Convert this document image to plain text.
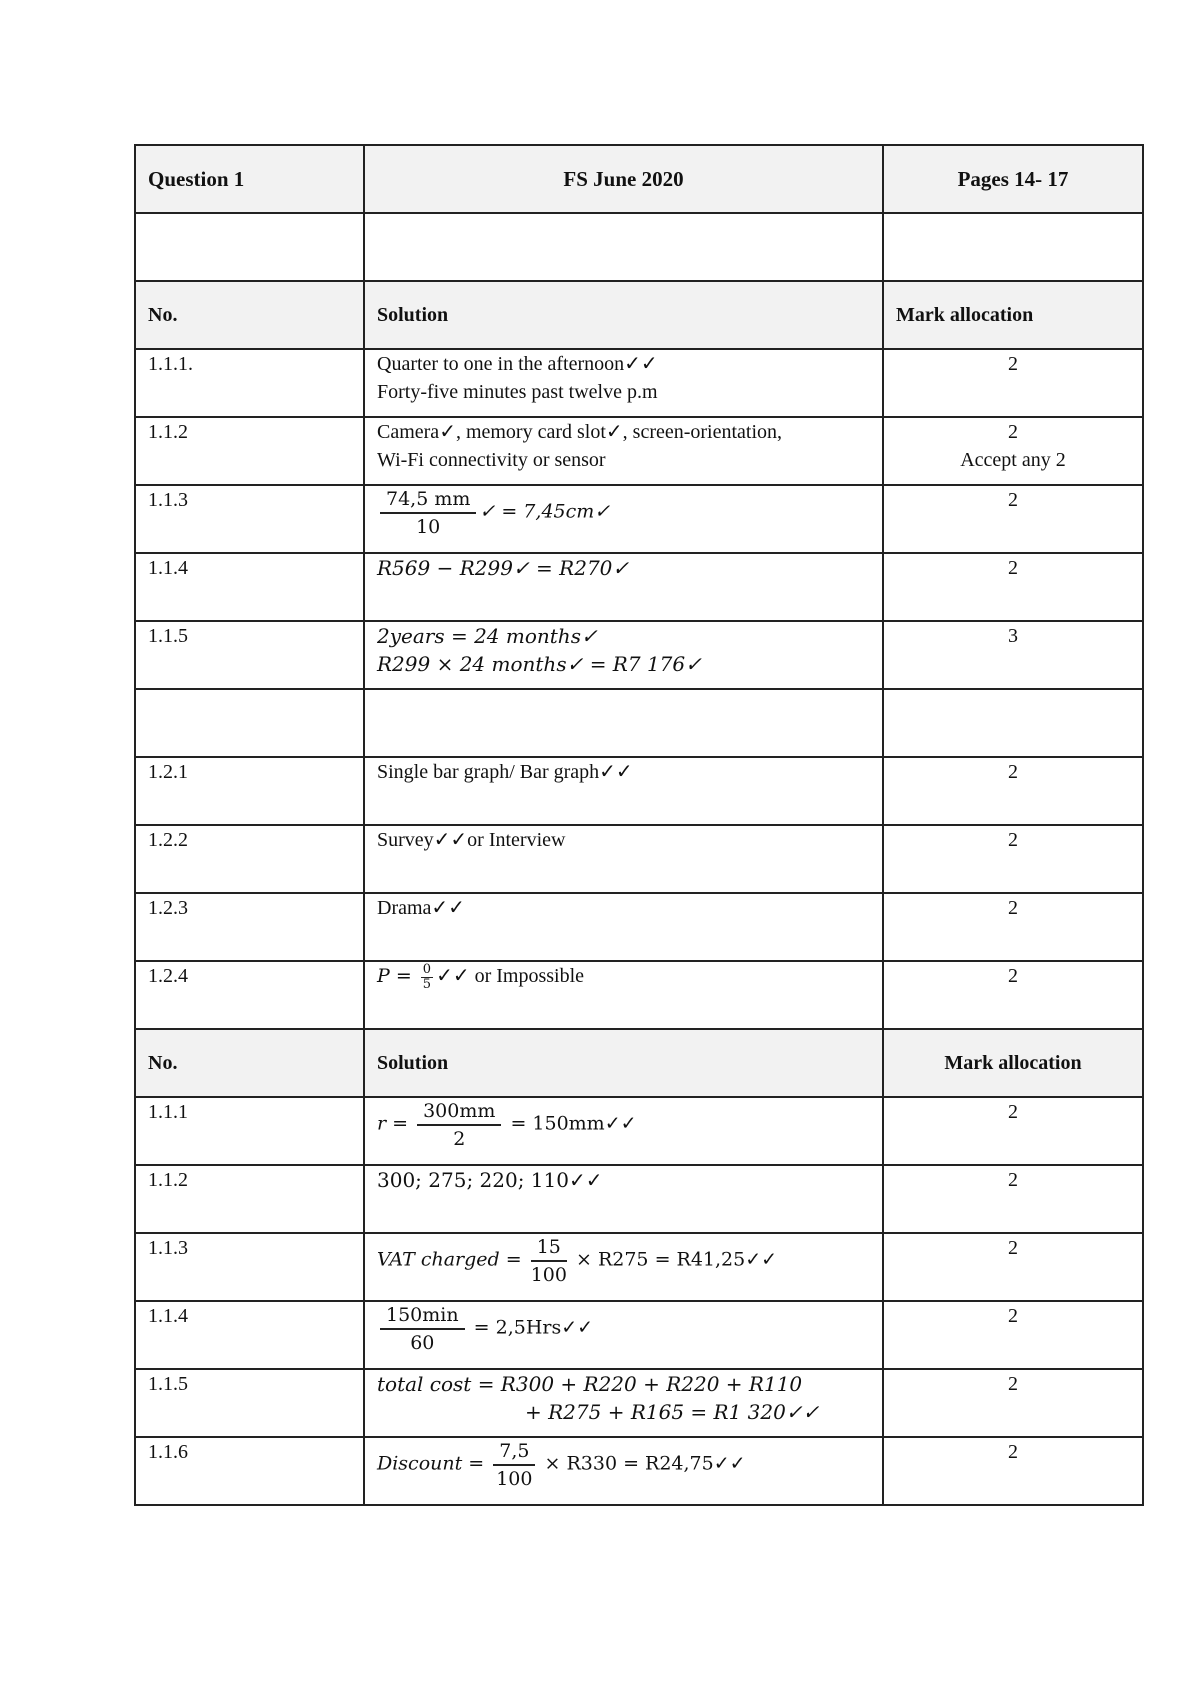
Question 1	FS June 2020	Pages 14- 17

No.	Solution	Mark allocation
1.1.1.	Quarter to one in the afternoon✓✓
Forty-five minutes past twelve p.m	2
1.1.2	Camera✓, memory card slot✓, screen-orientation,
Wi-Fi connectivity or sensor	2
Accept any 2

1.1.3	$\frac{74,5 mm}{10}$ ✓ = 7,45cm✓	2
1.1.4	R569 − R299✓ = R270✓	2
1.1.5	2years = 24 months✓
R299 × 24 months✓ = R7 176✓	3

1.2.1	Single bar graph/ Bar graph✓✓	2
1.2.2	Survey✓✓or Interview	2
1.2.3	Drama✓✓	2
1.2.4	$P = \frac{0}{5}$ ✓✓ or Impossible	2
No.	Solution	Mark allocation
1.1.1	$r = \frac{300mm}{2}$ = 150mm✓✓	2
1.1.2	300; 275; 220; 110✓✓	2
1.1.3	VAT charged = $\frac{15}{100} \times R275$ = R41,25✓✓	2
1.1.4	$\frac{150\min}{60}$ = 2,5Hrs✓✓	2
1.1.5	total cost = R300 + R220 + R220 + R110
+ R275 + R165 = R1 320✓✓	2
1.1.6	Discount = $\frac{7,5}{100} \times R330$ = R24,75✓✓	2
